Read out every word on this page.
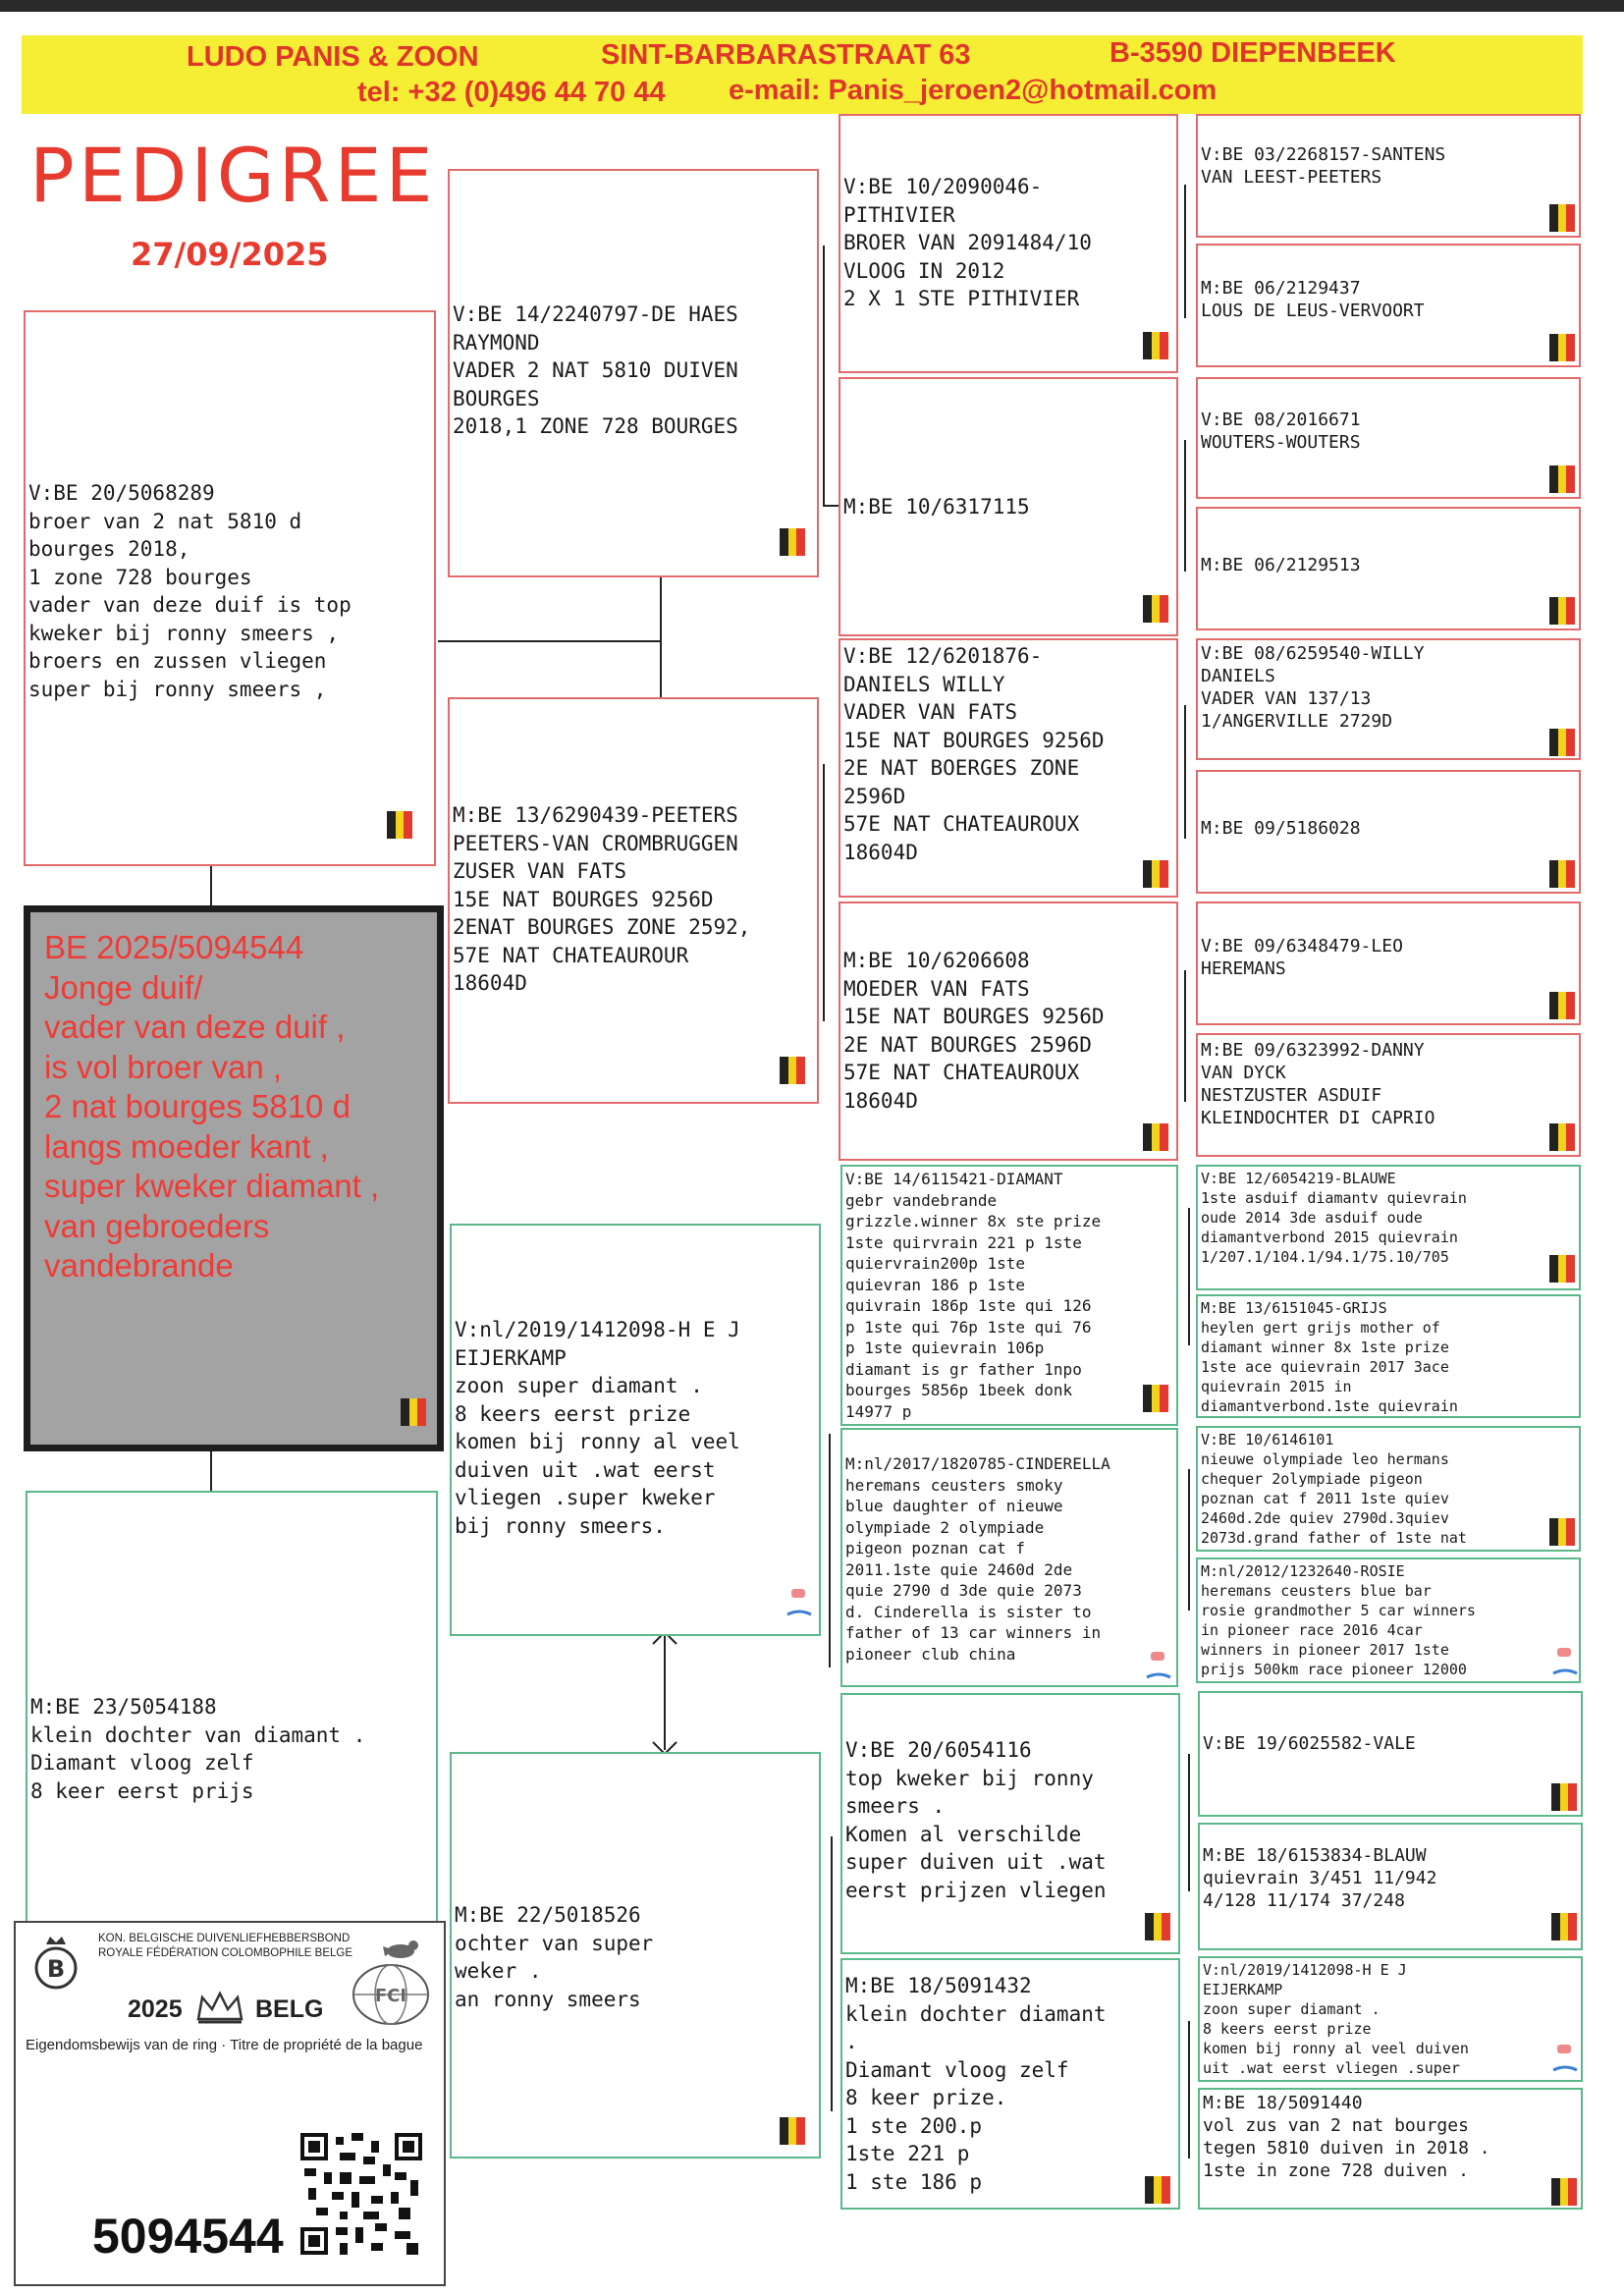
LUDO PANIS & ZOON	SINT-BARBARASTRAAT 63	B-3590 DIEPENBEEK
tel: +32 (0)496 44 70 44 e-mail: Panis_jeroen2@hotmail.com
PEDIGREE
27/09/2025
V:BE 20/5068289
broer van 2 nat 5810 d
bourges 2018,
1 zone 728 bourges
vader van deze duif is top
kweker bij ronny smeers ,
broers en zussen vliegen
super bij ronny smeers ,
BE 2025/5094544
Jonge duif/
vader van deze duif ,
is vol broer van ,
2 nat bourges 5810 d
langs moeder kant ,
super kweker diamant ,
van gebroeders
vandebrande
M:BE 23/5054188
klein dochter van diamant .
Diamant vloog zelf
8 keer eerst prijs
V:BE 14/2240797-DE HAES
RAYMOND
VADER 2 NAT 5810 DUIVEN
BOURGES
2018,1 ZONE 728 BOURGES
M:BE 13/6290439-PEETERS
PEETERS-VAN CROMBRUGGEN
ZUSER VAN FATS
15E NAT BOURGES 9256D
2ENAT BOURGES ZONE 2592,
57E NAT CHATEAUROUR
18604D
V:nl/2019/1412098-H E J
EIJERKAMP
zoon super diamant .
8 keers eerst prize
komen bij ronny al veel
duiven uit .wat eerst
vliegen .super kweker
bij ronny smeers.
M:BE 22/5018526
ochter van super
weker .
an ronny smeers
V:BE 10/2090046-
PITHIVIER
BROER VAN 2091484/10
VLOOG IN 2012
2 X 1 STE PITHIVIER
M:BE 10/6317115
V:BE 12/6201876-
DANIELS WILLY
VADER VAN FATS
15E NAT BOURGES 9256D
2E NAT BOERGES ZONE
2596D
57E NAT CHATEAUROUX
18604D
M:BE 10/6206608
MOEDER VAN FATS
15E NAT BOURGES 9256D
2E NAT BOURGES 2596D
57E NAT CHATEAUROUX
18604D
V:BE 14/6115421-DIAMANT
gebr vandebrande
grizzle.winner 8x ste prize
1ste quirvrain 221 p 1ste
quiervrain200p 1ste
quievran 186 p 1ste
quivrain 186p 1ste qui 126
p 1ste qui 76p 1ste qui 76
p 1ste quievrain 106p
diamant is gr father 1npo
bourges 5856p 1beek donk
14977 p
M:nl/2017/1820785-CINDERELLA
heremans ceusters smoky
blue daughter of nieuwe
olympiade 2 olympiade
pigeon poznan cat f
2011.1ste quie 2460d 2de
quie 2790 d 3de quie 2073
d. Cinderella is sister to
father of 13 car winners in
pioneer club china
V:BE 20/6054116
top kweker bij ronny
smeers .
Komen al verschilde
super duiven uit .wat
eerst prijzen vliegen
M:BE 18/5091432
klein dochter diamant
.
Diamant vloog zelf
8 keer prize.
1 ste 200.p
1ste 221 p
1 ste 186 p
V:BE 03/2268157-SANTENS
VAN LEEST-PEETERS
M:BE 06/2129437
LOUS DE LEUS-VERVOORT
V:BE 08/2016671
WOUTERS-WOUTERS
M:BE 06/2129513
V:BE 08/6259540-WILLY
DANIELS
VADER VAN 137/13
1/ANGERVILLE 2729D
M:BE 09/5186028
V:BE 09/6348479-LEO
HEREMANS
M:BE 09/6323992-DANNY
VAN DYCK
NESTZUSTER ASDUIF
KLEINDOCHTER DI CAPRIO
V:BE 12/6054219-BLAUWE
1ste asduif diamantv quievrain
oude 2014 3de asduif oude
diamantverbond 2015 quievrain
1/207.1/104.1/94.1/75.10/705
M:BE 13/6151045-GRIJS
heylen gert grijs mother of
diamant winner 8x 1ste prize
1ste ace quievrain 2017 3ace
quievrain 2015 in
diamantverbond.1ste quievrain
V:BE 10/6146101
nieuwe olympiade leo hermans
chequer 2olympiade pigeon
poznan cat f 2011 1ste quiev
2460d.2de quiev 2790d.3quiev
2073d.grand father of 1ste nat
M:nl/2012/1232640-ROSIE
heremans ceusters blue bar
rosie grandmother 5 car winners
in pioneer race 2016 4car
winners in pioneer 2017 1ste
prijs 500km race pioneer 12000
V:BE 19/6025582-VALE
M:BE 18/6153834-BLAUW
quievrain 3/451 11/942
4/128 11/174 37/248
V:nl/2019/1412098-H E J
EIJERKAMP
zoon super diamant .
8 keers eerst prize
komen bij ronny al veel duiven
uit .wat eerst vliegen .super
M:BE 18/5091440
vol zus van 2 nat bourges
tegen 5810 duiven in 2018 .
1ste in zone 728 duiven .
B
KON. BELGISCHE DUIVENLIEFHEBBERSBOND
ROYALE FÉDÉRATION COLOMBOPHILE BELGE
FCI
2025	BELG
Eigendomsbewijs van de ring · Titre de propriété de la bague
5094544
